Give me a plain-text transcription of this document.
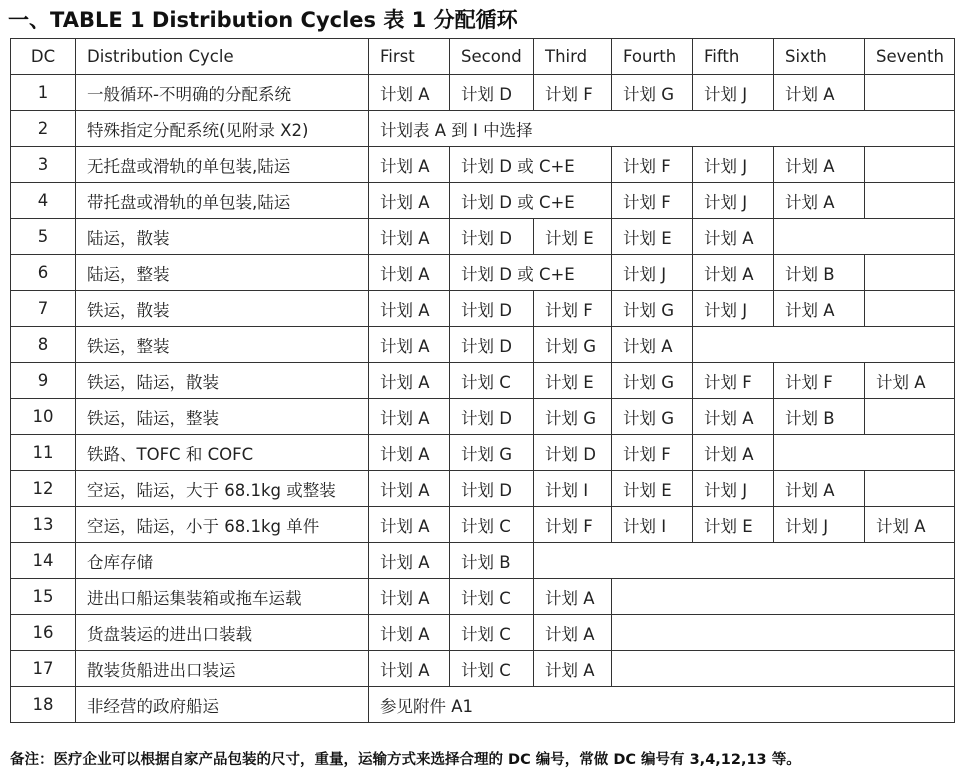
一、TABLE 1 Distribution Cycles 表 1 分配循环
DC	Distribution Cycle	First	Second	Third	Fourth	Fifth	Sixth	Seventh
1	一般循环-不明确的分配系统	计划 A	计划 D	计划 F	计划 G	计划 J	计划 A	
2	特殊指定分配系统(见附录 X2)	计划表 A 到 I 中选择						
3	无托盘或滑轨的单包装,陆运	计划 A	计划 D 或 C+E		计划 F	计划 J	计划 A	
4	带托盘或滑轨的单包装,陆运	计划 A	计划 D 或 C+E		计划 F	计划 J	计划 A	
5	陆运，散装	计划 A	计划 D	计划 E	计划 E	计划 A		
6	陆运，整装	计划 A	计划 D 或 C+E		计划 J	计划 A	计划 B	
7	铁运，散装	计划 A	计划 D	计划 F	计划 G	计划 J	计划 A	
8	铁运，整装	计划 A	计划 D	计划 G	计划 A			
9	铁运，陆运，散装	计划 A	计划 C	计划 E	计划 G	计划 F	计划 F	计划 A
10	铁运，陆运，整装	计划 A	计划 D	计划 G	计划 G	计划 A	计划 B	
11	铁路、TOFC 和 COFC	计划 A	计划 G	计划 D	计划 F	计划 A		
12	空运，陆运，大于 68.1kg 或整装	计划 A	计划 D	计划 I	计划 E	计划 J	计划 A	
13	空运，陆运，小于 68.1kg 单件	计划 A	计划 C	计划 F	计划 I	计划 E	计划 J	计划 A
14	仓库存储	计划 A	计划 B					
15	进出口船运集装箱或拖车运载	计划 A	计划 C	计划 A				
16	货盘装运的进出口装载	计划 A	计划 C	计划 A				
17	散装货船进出口装运	计划 A	计划 C	计划 A				
18	非经营的政府船运	参见附件 A1						
备注：医疗企业可以根据自家产品包装的尺寸，重量，运输方式来选择合理的 DC 编号，常做 DC 编号有 3,4,12,13 等。
